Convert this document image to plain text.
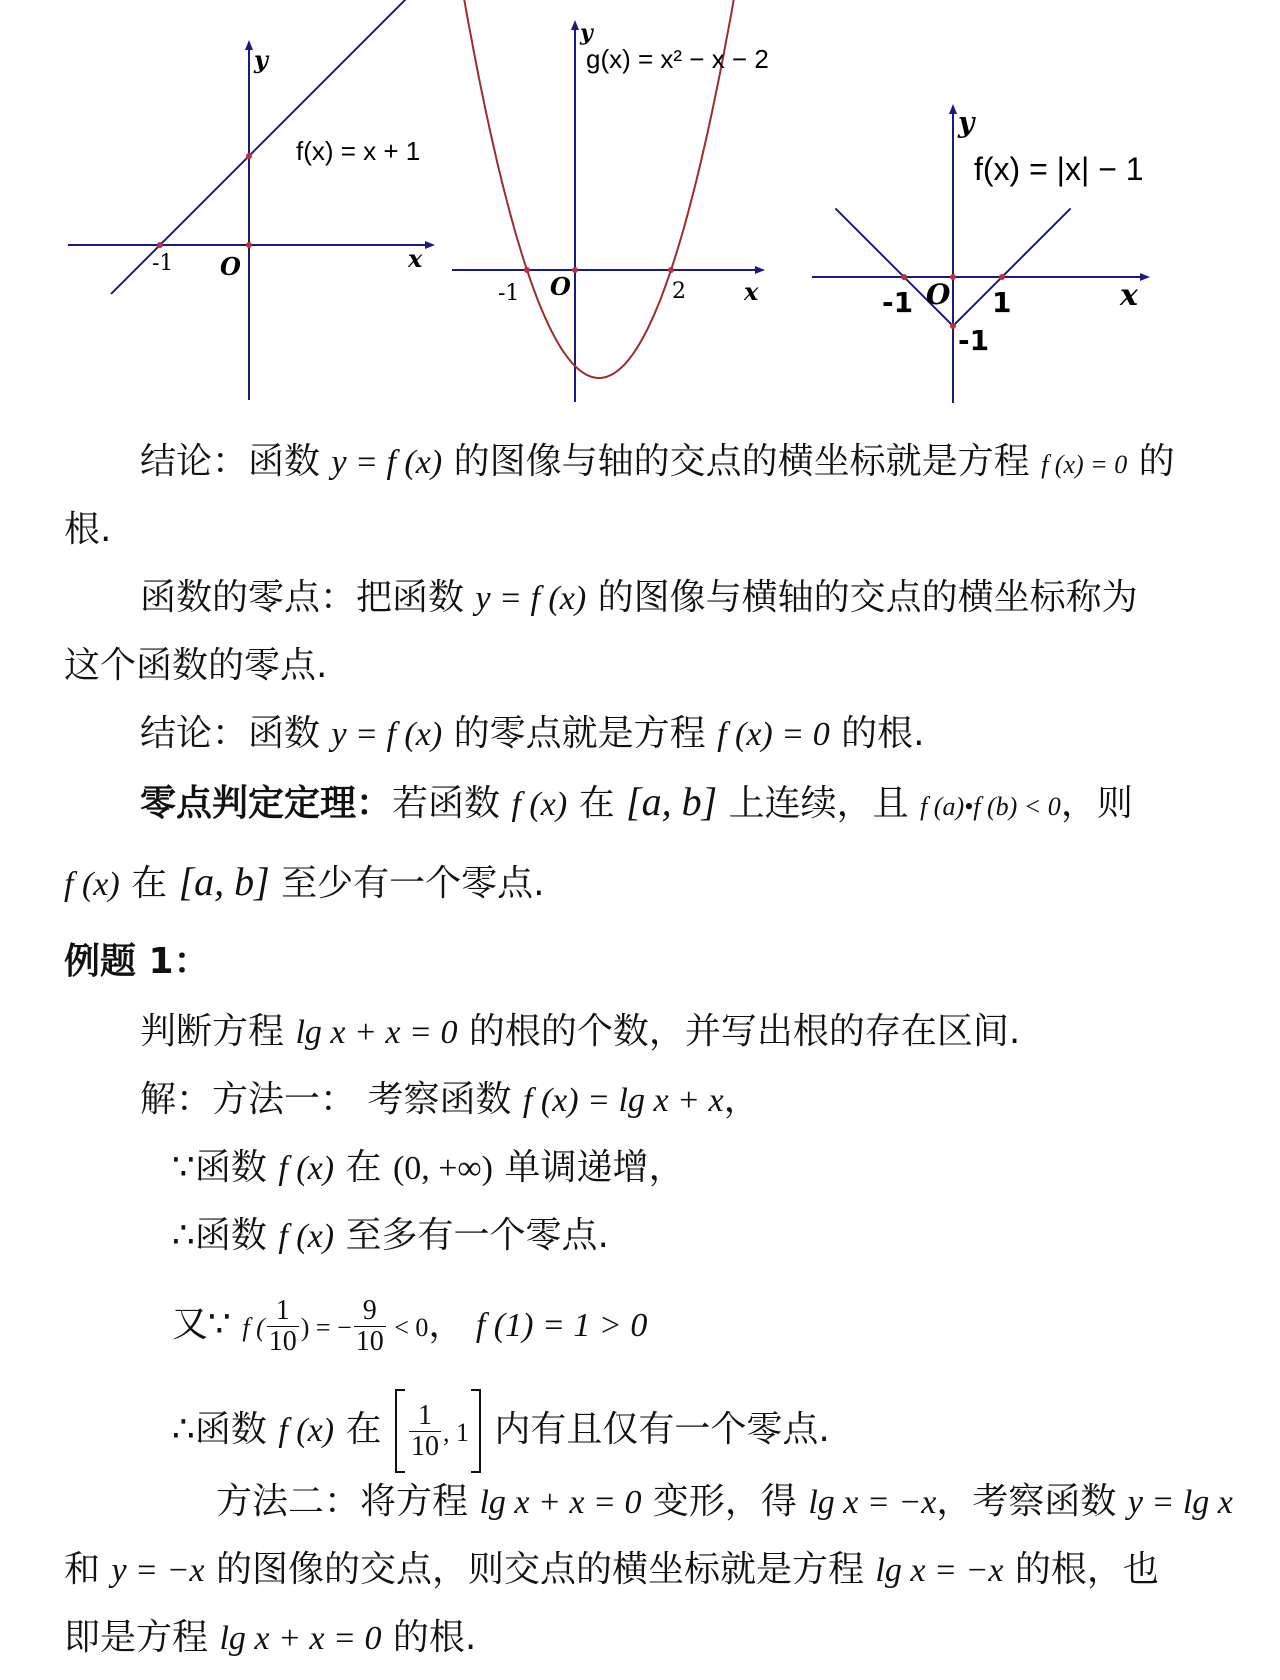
-1 O	x
y
f(x) = x + 1
-1 O	2 x
y
g(x) = x² − x − 2
-1 O 1
-1
x
y
f(x) = |x| − 1
结论：函数 y = f (x) 的图像与轴的交点的横坐标就是方程 f (x) = 0 的
根.
函数的零点：把函数 y = f (x) 的图像与横轴的交点的横坐标称为
这个函数的零点.
结论：函数 y = f (x) 的零点就是方程 f (x) = 0 的根.
零点判定定理：若函数 f (x) 在 [a, b] 上连续，且 f (a)•f (b) < 0，则
f (x) 在 [a, b] 至少有一个零点.
例题 1：
判断方程 lg x + x = 0 的根的个数，并写出根的存在区间.
解：方法一： 考察函数 f (x) = lg x + x，
∵函数 f (x) 在 (0, +∞) 单调递增，
∴函数 f (x) 至多有一个零点.
又∵ f ( $\frac{1}{10}$ ) = − $\frac{9}{10} < 0$， f (1) = 1 > 0
∴函数 f (x) 在 $\frac{1}{10}$ , 1 内有且仅有一个零点.
方法二：将方程 lg x + x = 0 变形，得 lg x = −x，考察函数 y = lg x
和 y = −x 的图像的交点，则交点的横坐标就是方程 lg x = −x 的根，也
即是方程 lg x + x = 0 的根.
